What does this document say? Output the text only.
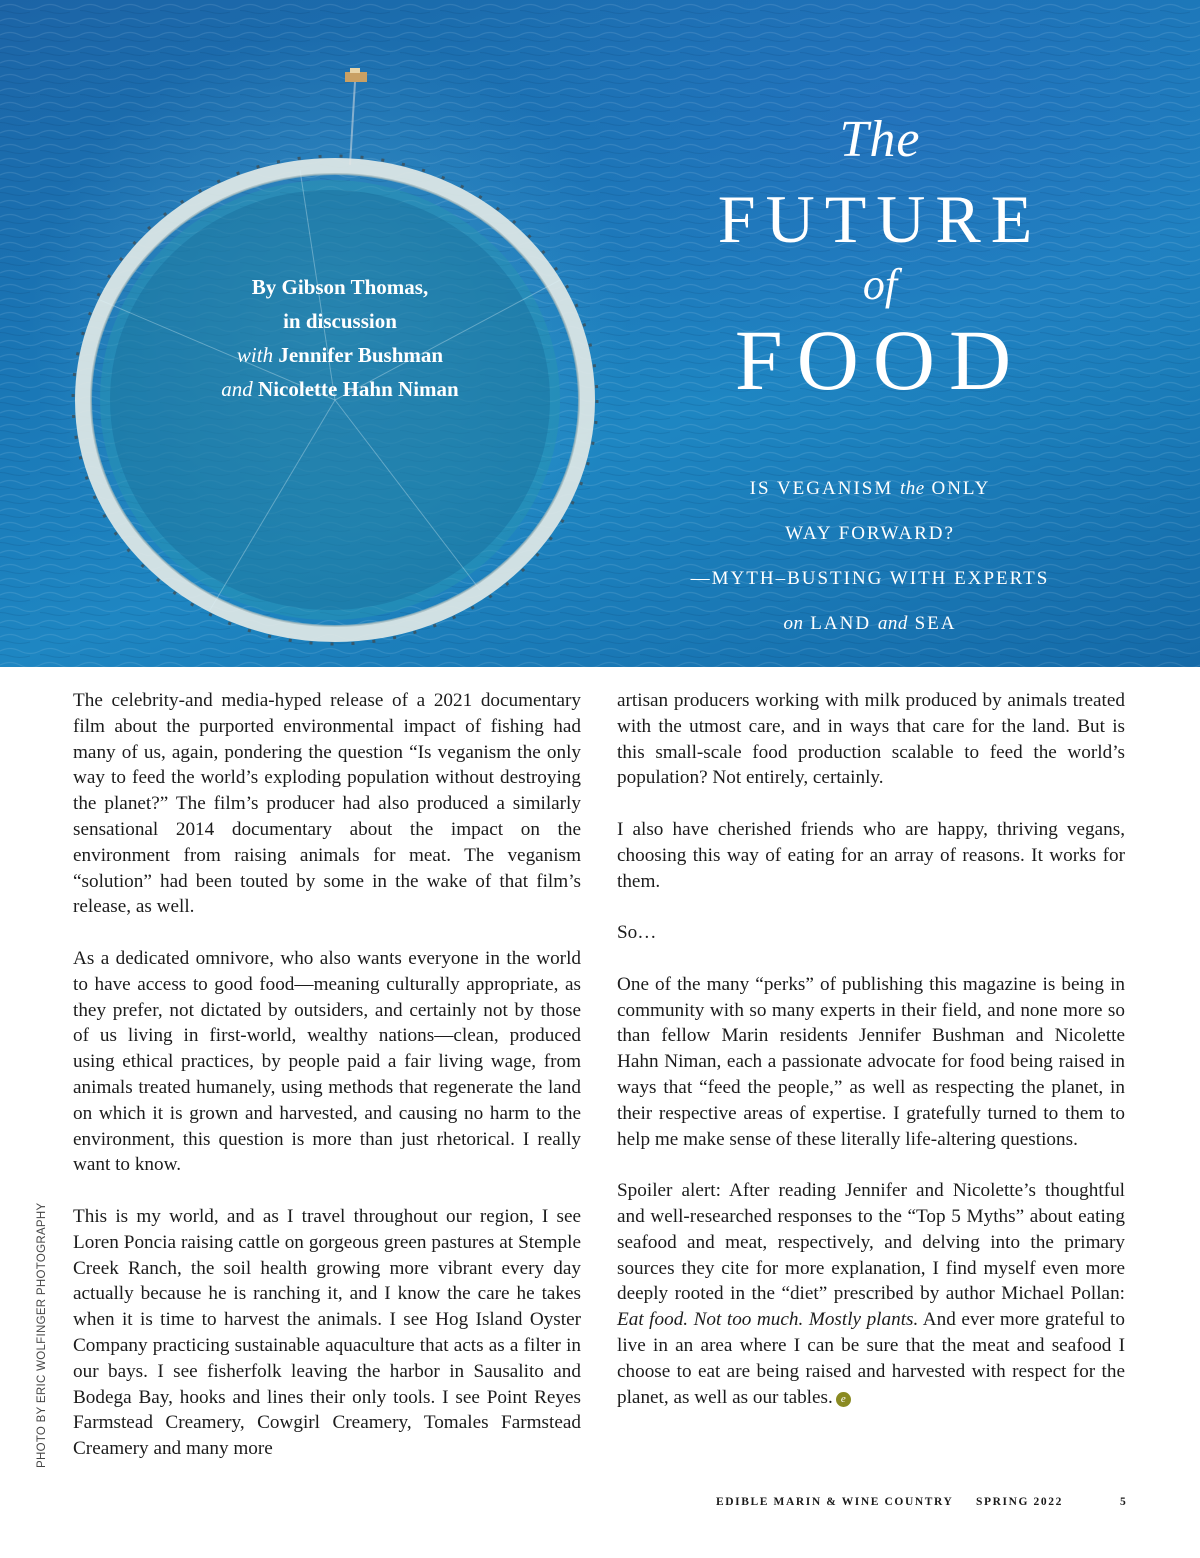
By Gibson Thomas,
in discussion
with Jennifer Bushman
and Nicolette Hahn Niman
The
FUTURE
of
FOOD
IS VEGANISM the ONLY
WAY FORWARD?
—MYTH–BUSTING WITH EXPERTS
on LAND and SEA

The celebrity-and media-hyped release of a 2021 documentary film about the purported environmental impact of fishing had many of us, again, pondering the question “Is veganism the only way to feed the world’s exploding population without destroying the planet?” The film’s producer had also produced a similarly sensational 2014 documentary about the impact on the environment from raising animals for meat. The veganism “solution” had been touted by some in the wake of that film’s release, as well.

As a dedicated omnivore, who also wants everyone in the world to have access to good food—meaning culturally appropriate, as they prefer, not dictated by outsiders, and certainly not by those of us living in first-world, wealthy nations—clean, produced using ethical practices, by people paid a fair living wage, from animals treated humanely, using methods that regenerate the land on which it is grown and harvested, and causing no harm to the environment, this question is more than just rhetorical. I really want to know.

This is my world, and as I travel throughout our region, I see Loren Poncia raising cattle on gorgeous green pastures at Stemple Creek Ranch, the soil health growing more vibrant every day actually because he is ranching it, and I know the care he takes when it is time to harvest the animals. I see Hog Island Oyster Company practicing sustainable aquaculture that acts as a filter in our bays. I see fisherfolk leaving the harbor in Sausalito and Bodega Bay, hooks and lines their only tools. I see Point Reyes Farmstead Creamery, Cowgirl Creamery, Tomales Farmstead Creamery and many more

artisan producers working with milk produced by animals treated with the utmost care, and in ways that care for the land. But is this small-scale food production scalable to feed the world’s population? Not entirely, certainly.

I also have cherished friends who are happy, thriving vegans, choosing this way of eating for an array of reasons. It works for them.

So…

One of the many “perks” of publishing this magazine is being in community with so many experts in their field, and none more so than fellow Marin residents Jennifer Bushman and Nicolette Hahn Niman, each a passionate advocate for food being raised in ways that “feed the people,” as well as respecting the planet, in their respective areas of expertise. I gratefully turned to them to help me make sense of these literally life-altering questions.

Spoiler alert: After reading Jennifer and Nicolette’s thoughtful and well-researched responses to the “Top 5 Myths” about eating seafood and meat, respectively, and delving into the primary sources they cite for more explanation, I find myself even more deeply rooted in the “diet” prescribed by author Michael Pollan: Eat food. Not too much. Mostly plants. And ever more grateful to live in an area where I can be sure that the meat and seafood I choose to eat are being raised and harvested with respect for the planet, as well as our tables. e

PHOTO BY ERIC WOLFINGER PHOTOGRAPHY
EDIBLE MARIN & WINE COUNTRY SPRING 2022	5
